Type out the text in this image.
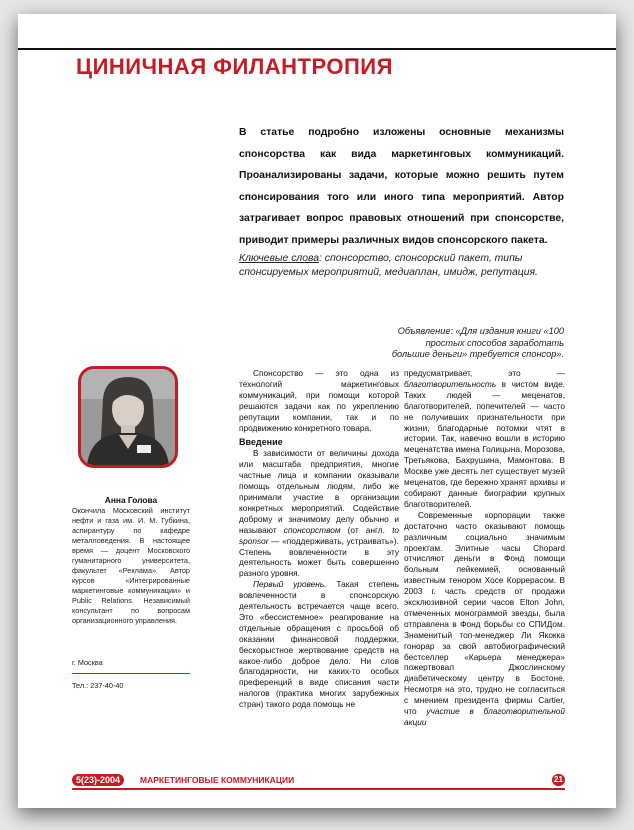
ЦИНИЧНАЯ ФИЛАНТРОПИЯ

В статье подробно изложены основные механизмы спонсорства как вида маркетинговых коммуникаций. Проанализированы задачи, которые можно решить путем спонсирования того или иного типа мероприятий. Автор затрагивает вопрос правовых отношений при спонсорстве, приводит примеры различных видов спонсорского пакета.

Ключевые слова: спонсорство, спонсорский пакет, типы спонсируемых мероприятий, медиаплан, имидж, репутация.

Объявление: «Для издания книги «100 простых способов заработать большие деньги» требуется спонсор».
Анна Голова

Окончила Московский институт нефти и газа им. И. М. Губкина, аспирантуру по кафедре металловедения. В настоящее время — доцент Московского гуманитарного университета, факультет «Реклама». Автор курсов «Интегрированные маркетинговые коммуникации» и Public Relations. Независимый консультант по вопросам организационного управления.

г. Москва
Тел.: 237-40-40

Спонсорство — это одна из технологий маркетинговых коммуникаций, при помощи которой решаются задачи как по укреплению репутации компании, так и по продвижению конкретного товара.

Введение

В зависимости от величины дохода или масштаба предприятия, многие частные лица и компании оказывали помощь отдельным людям, либо же принимали участие в организации конкретных мероприятий. Содействие доброму и значимому делу обычно и называют спонсорством (от англ. to sponsor — «поддерживать, устраивать»). Степень вовлеченности в эту деятельность может быть совершенно разного уровня.

Первый уровень. Такая степень вовлеченности в спонсорскую деятельность встречается чаще всего. Это «бессистемное» реагирование на отдельные обращения с просьбой об оказании финансовой поддержки, бескорыстное жертвование средств на какое-либо доброе дело. Ни слов благодарности, ни каких-то особых преференций в виде списания части налогов (практика многих зарубежных стран) такого рода помощь не

предусматривает, это — благотворительность в чистом виде. Таких людей — меценатов, благотворителей, попечителей — часто не получивших признательности при жизни, благодарные потомки чтят в истории. Так, навечно вошли в историю меценатства имена Голицына, Морозова, Третьякова, Бахрушина, Мамонтова. В Москве уже десять лет существует музей меценатов, где бережно хранят архивы и собирают данные биографии крупных благотворителей.

Современные корпорации также достаточно часто оказывают помощь различным социально значимым проектам. Элитные часы Chopard отчисляют деньги в Фонд помощи больным лейкемией, основанный известным тенором Хосе Коррерасом. В 2003 г. часть средств от продажи эксклюзивной серии часов Elton John, отмеченных монограммой звезды, была отправлена в Фонд борьбы со СПИДом. Знаменитый топ-менеджер Ли Якокка гонорар за свой автобиографический бестселлер «Карьера менеджера» пожертвовал Джослинскому диабетическому центру в Бостоне. Несмотря на это, трудно не согласиться с мнением президента фирмы Cartier, что участие в благотворительной акции

5(23)-2004	МАРКЕТИНГОВЫЕ КОММУНИКАЦИИ	21
